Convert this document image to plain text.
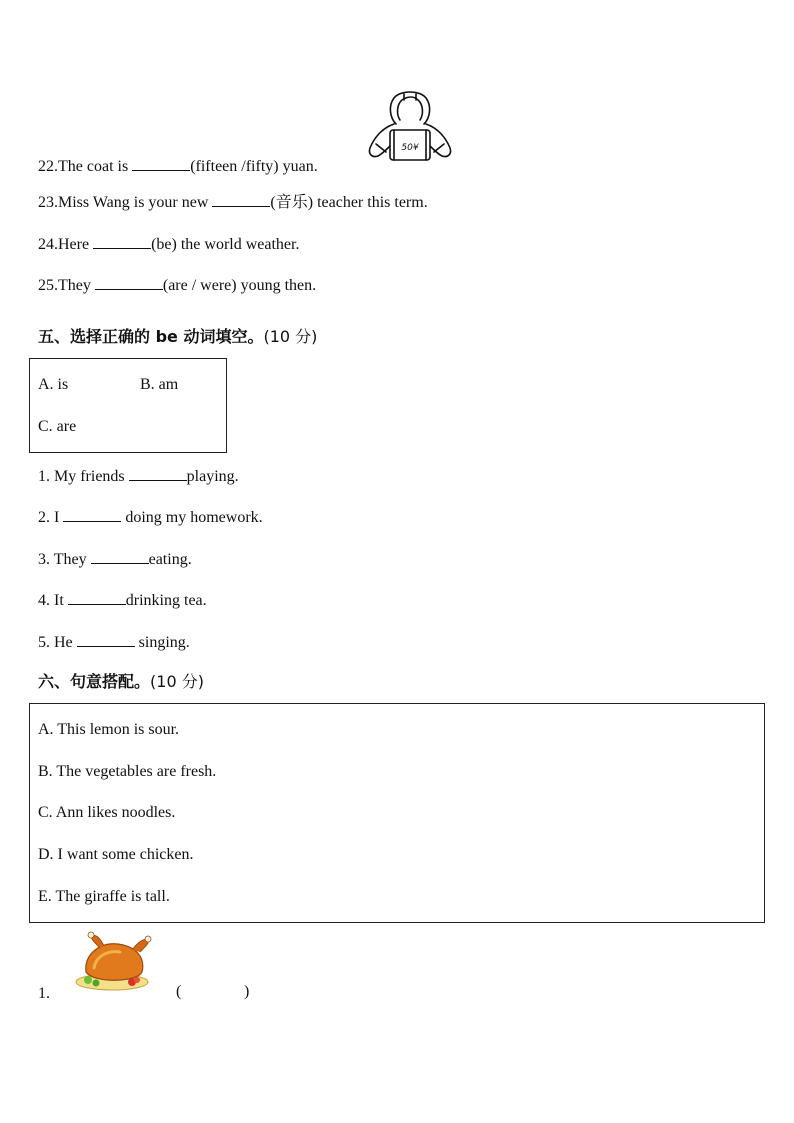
50¥
22.The coat is	(fifteen /fifty) yuan.
23.Miss Wang is your new	(音乐) teacher this term.
24.Here	(be) the world weather.
25.They	(are / were) young then.
五、选择正确的 be 动词填空。(10 分)
A. is	B. am
C. are
1. My friends	playing.
2. I	doing my homework.
3. They	eating.
4. It	drinking tea.
5. He	singing.
六、句意搭配。(10 分)
A. This lemon is sour.
B. The vegetables are fresh.
C. Ann likes noodles.
D. I want some chicken.
E. The giraffe is tall.
1.	(	)
